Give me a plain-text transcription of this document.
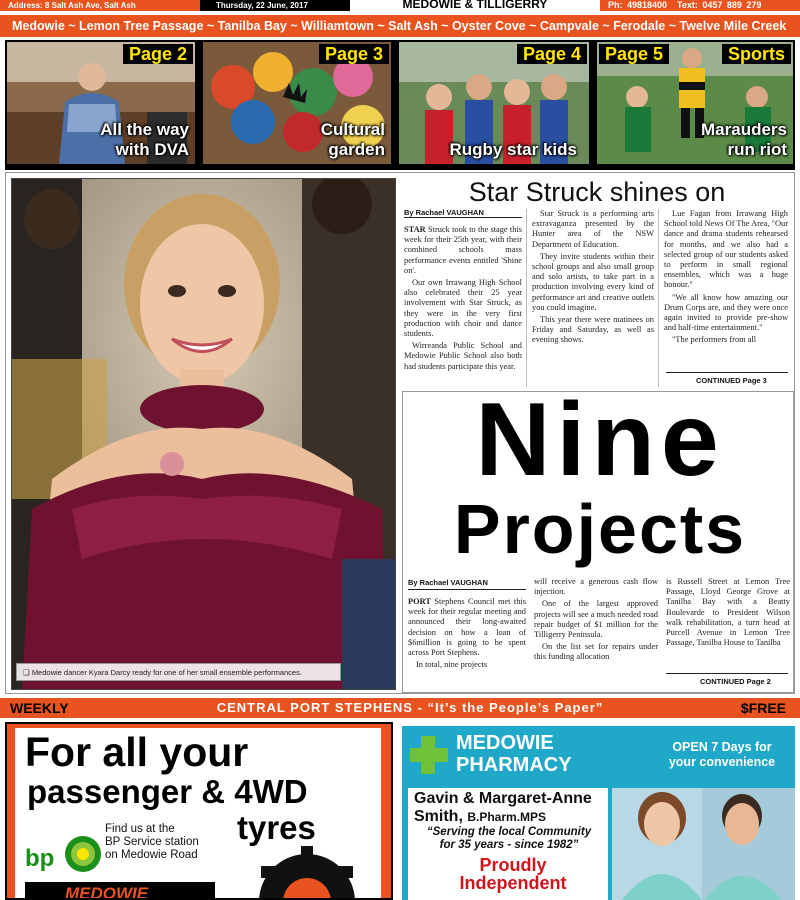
Address: 8 Salt Ash Ave, Salt Ash	Thursday, 22 June, 2017	MEDOWIE & TILLIGERRY	Ph: 49818400 Text: 0457 889 279
Medowie ~ Lemon Tree Passage ~ Tanilba Bay ~ Williamtown ~ Salt Ash ~ Oyster Cove ~ Campvale ~ Ferodale ~ Twelve Mile Creek
Page 2
All the way
with DVA
Page 3
Cultural
garden
Page 4
Rugby star kids
Page 5	Sports
Marauders
run riot
❏ Medowie dancer Kyara Darcy ready for one of her small ensemble performances.
Star Struck shines on
By Rachael VAUGHAN

STAR Struck took to the stage this week for their 25th year, with their combined schools mass performance events entitled 'Shine on'.

Our own Irrawang High School also celebrated their 25 year involvement with Star Struck, as they were in the very first production with choir and dance students.

Wirreanda Public School and Medowie Public School also both had students participate this year.

Star Struck is a performing arts extravaganza presented by the Hunter area of the NSW Department of Education.

They invite students within their school groups and also small group and solo artists, to take part in a production involving every kind of performance art and creative outlets you could imagine.

This year there were matinees on Friday and Saturday, as well as evening shows.

Lue Fagan from Irrawang High School told News Of The Area, "Our dance and drama students rehearsed for months, and we also had a selected group of our students asked to perform in small regional ensembles, which was a huge honour."

"We all know how amazing our Drum Corps are, and they were once again invited to provide pre-show and half-time entertainment."

"The performers from all

CONTINUED Page 3
Nine
Projects
By Rachael VAUGHAN

PORT Stephens Council met this week for their regular meeting and announced their long-awaited decision on how a loan of $6million is going to be spent across Port Stephens.

In total, nine projects

will receive a generous cash flow injection.

One of the largest approved projects will see a much needed road repair budget of $1 million for the Tilligerry Peninsula.

On the list set for repairs under this funding allocation

is Russell Street at Lemon Tree Passage, Lloyd George Grove at Tanilba Bay with a Beatty Boulevarde to President Wilson walk rehabilitation, a turn head at Purcell Avenue in Lemon Tree Passage, Tanilba House to Tanilba

CONTINUED Page 2
WEEKLY	CENTRAL PORT STEPHENS - “It’s the People’s Paper”	$FREE
For all your
passenger & 4WD
tyres
bp
Find us at the
BP Service station
on Medowie Road
MEDOWIE
MEDOWIE
PHARMACY
OPEN 7 Days for
your convenience
Gavin & Margaret-Anne
Smith, B.Pharm.MPS
“Serving the local Community
for 35 years - since 1982”
Proudly
Independent
